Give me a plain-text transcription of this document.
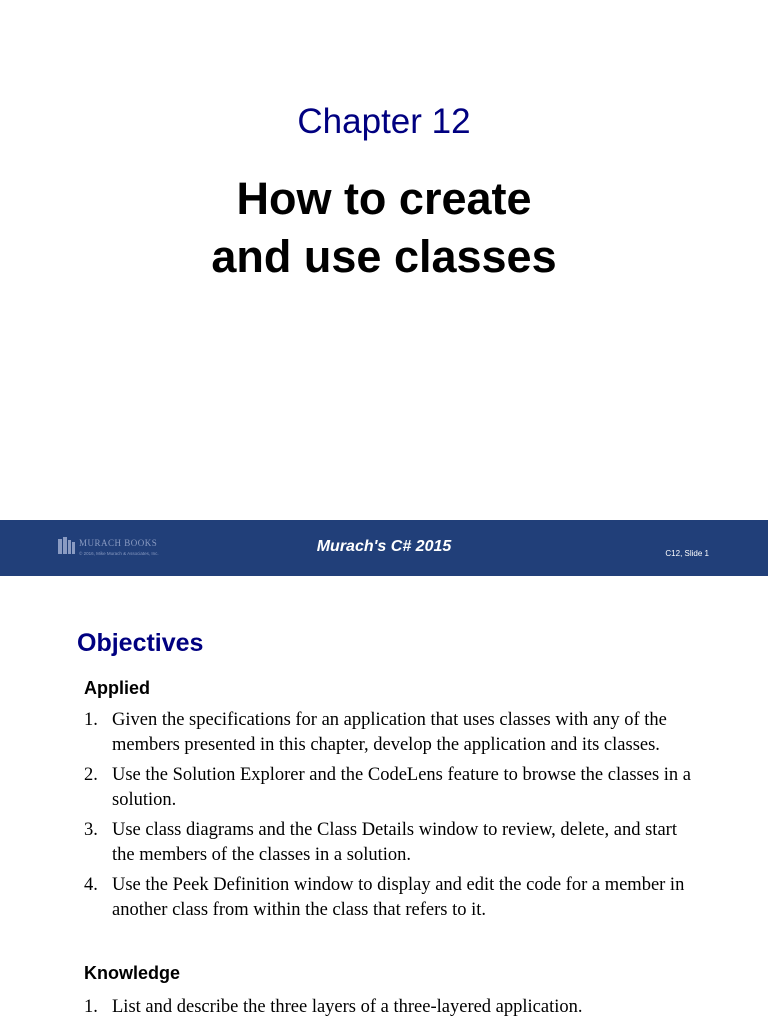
Chapter 12
How to create
and use classes
MURACH BOOKS
© 2016, Mike Murach & Associates, Inc.	Murach's C# 2015	C12, Slide 1
Objectives
Applied
1. Given the specifications for an application that uses classes with any of the members presented in this chapter, develop the application and its classes.
2. Use the Solution Explorer and the CodeLens feature to browse the classes in a solution.
3. Use class diagrams and the Class Details window to review, delete, and start the members of the classes in a solution.
4. Use the Peek Definition window to display and edit the code for a member in another class from within the class that refers to it.
Knowledge
1. List and describe the three layers of a three-layered application.
